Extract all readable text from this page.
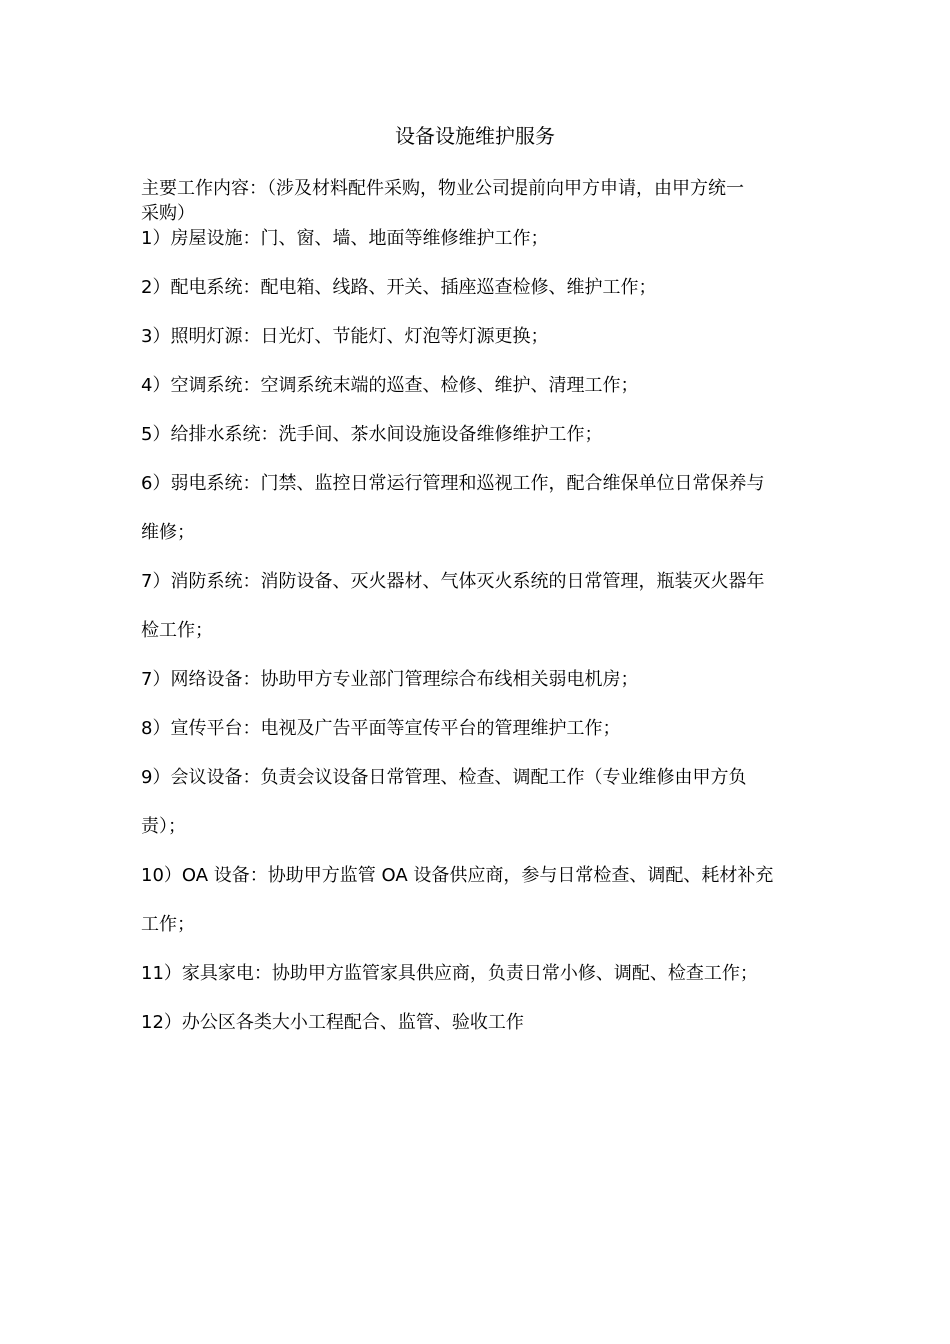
设备设施维护服务
主要工作内容：（涉及材料配件采购，物业公司提前向甲方申请，由甲方统一
采购）
1）房屋设施：门、窗、墙、地面等维修维护工作；
2）配电系统：配电箱、线路、开关、插座巡查检修、维护工作；
3）照明灯源：日光灯、节能灯、灯泡等灯源更换；
4）空调系统：空调系统末端的巡查、检修、维护、清理工作；
5）给排水系统：洗手间、茶水间设施设备维修维护工作；
6）弱电系统：门禁、监控日常运行管理和巡视工作，配合维保单位日常保养与
维修；
7）消防系统：消防设备、灭火器材、气体灭火系统的日常管理，瓶装灭火器年
检工作；
7）网络设备：协助甲方专业部门管理综合布线相关弱电机房；
8）宣传平台：电视及广告平面等宣传平台的管理维护工作；
9）会议设备：负责会议设备日常管理、检查、调配工作（专业维修由甲方负
责）；
10）OA 设备：协助甲方监管 OA 设备供应商，参与日常检查、调配、耗材补充
工作；
11）家具家电：协助甲方监管家具供应商，负责日常小修、调配、检查工作；
12）办公区各类大小工程配合、监管、验收工作
